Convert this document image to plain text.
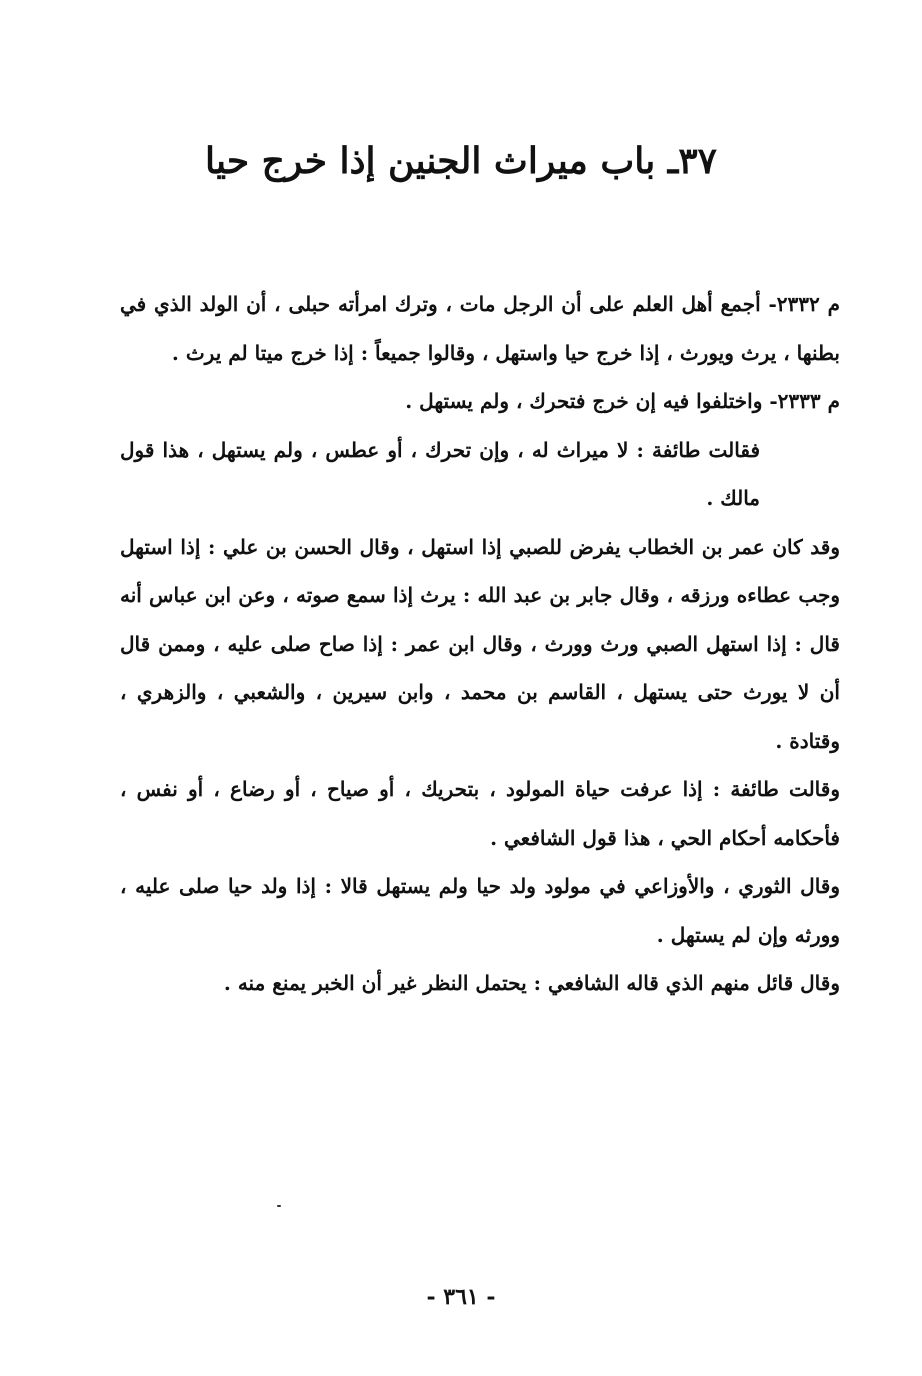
٣٧ـ باب ميراث الجنين إذا خرج حيا

م ٢٣٣٢- أجمع أهل العلم على أن الرجل مات ، وترك امرأته حبلى ، أن الولد الذي في بطنها ، يرث ويورث ، إذا خرج حيا واستهل ، وقالوا جميعاً : إذا خرج ميتا لم يرث .

م ٢٣٣٣- واختلفوا فيه إن خرج فتحرك ، ولم يستهل .

فقالت طائفة : لا ميراث له ، وإن تحرك ، أو عطس ، ولم يستهل ، هذا قول مالك .

وقد كان عمر بن الخطاب يفرض للصبي إذا استهل ، وقال الحسن بن علي : إذا استهل وجب عطاءه ورزقه ، وقال جابر بن عبد الله : يرث إذا سمع صوته ، وعن ابن عباس أنه قال : إذا استهل الصبي ورث وورث ، وقال ابن عمر : إذا صاح صلى عليه ، وممن قال أن لا يورث حتى يستهل ، القاسم بن محمد ، وابن سيرين ، والشعبي ، والزهري ، وقتادة .

وقالت طائفة : إذا عرفت حياة المولود ، بتحريك ، أو صياح ، أو رضاع ، أو نفس ، فأحكامه أحكام الحي ، هذا قول الشافعي .

وقال الثوري ، والأوزاعي في مولود ولد حيا ولم يستهل قالا : إذا ولد حيا صلى عليه ، وورثه وإن لم يستهل .

وقال قائل منهم الذي قاله الشافعي : يحتمل النظر غير أن الخبر يمنع منه .

- ٣٦١ -
